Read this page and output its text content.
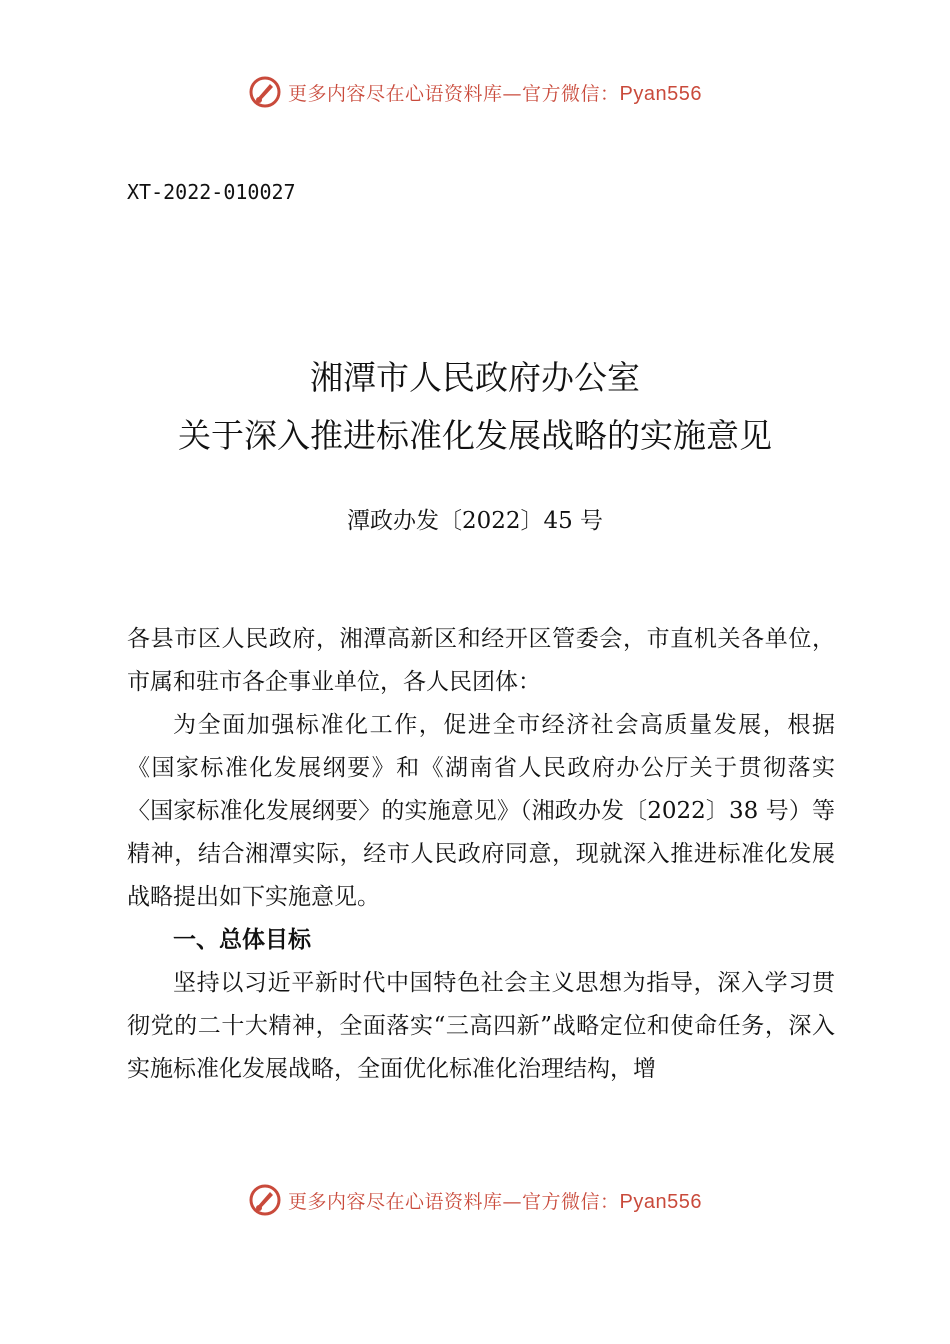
更多内容尽在心语资料库—官方微信：Pyan556
XT-2022-010027
湘潭市人民政府办公室
关于深入推进标准化发展战略的实施意见
潭政办发〔2022〕45 号

各县市区人民政府，湘潭高新区和经开区管委会，市直机关各单位，市属和驻市各企事业单位，各人民团体：

为全面加强标准化工作，促进全市经济社会高质量发展，根据《国家标准化发展纲要》和《湖南省人民政府办公厅关于贯彻落实〈国家标准化发展纲要〉的实施意见》（湘政办发〔2022〕38 号）等精神，结合湘潭实际，经市人民政府同意，现就深入推进标准化发展战略提出如下实施意见。

一、总体目标

坚持以习近平新时代中国特色社会主义思想为指导，深入学习贯彻党的二十大精神，全面落实“三高四新”战略定位和使命任务，深入实施标准化发展战略，全面优化标准化治理结构，增

更多内容尽在心语资料库—官方微信：Pyan556
